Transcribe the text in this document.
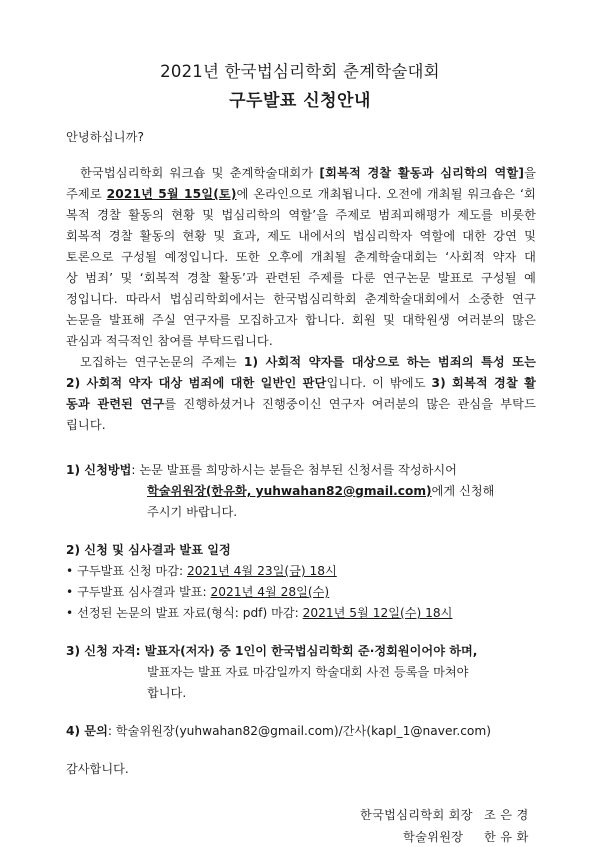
2021년 한국법심리학회 춘계학술대회
구두발표 신청안내
안녕하십니까?
한국법심리학회 워크숍 및 춘계학술대회가 [회복적 경찰 활동과 심리학의 역할]을
주제로 2021년 5월 15일(토)에 온라인으로 개최됩니다. 오전에 개최될 워크숍은 ‘회
복적 경찰 활동의 현황 및 법심리학의 역할’을 주제로 범죄피해평가 제도를 비롯한
회복적 경찰 활동의 현황 및 효과, 제도 내에서의 법심리학자 역할에 대한 강연 및
토론으로 구성될 예정입니다. 또한 오후에 개최될 춘계학술대회는 ‘사회적 약자 대
상 범죄’ 및 ‘회복적 경찰 활동’과 관련된 주제를 다룬 연구논문 발표로 구성될 예
정입니다. 따라서 법심리학회에서는 한국법심리학회 춘계학술대회에서 소중한 연구
논문을 발표해 주실 연구자를 모집하고자 합니다. 회원 및 대학원생 여러분의 많은
관심과 적극적인 참여를 부탁드립니다.
모집하는 연구논문의 주제는 1) 사회적 약자를 대상으로 하는 범죄의 특성 또는
2) 사회적 약자 대상 범죄에 대한 일반인 판단입니다. 이 밖에도 3) 회복적 경찰 활
동과 관련된 연구를 진행하셨거나 진행중이신 연구자 여러분의 많은 관심을 부탁드
립니다.
1) 신청방법: 논문 발표를 희망하시는 분들은 첨부된 신청서를 작성하시어
학술위원장(한유화, yuhwahan82@gmail.com)에게 신청해
주시기 바랍니다.
2) 신청 및 심사결과 발표 일정
• 구두발표 신청 마감: 2021년 4월 23일(금) 18시
• 구두발표 심사결과 발표: 2021년 4월 28일(수)
• 선정된 논문의 발표 자료(형식: pdf) 마감: 2021년 5월 12일(수) 18시
3) 신청 자격: 발표자(저자) 중 1인이 한국법심리학회 준·정회원이어야 하며,
발표자는 발표 자료 마감일까지 학술대회 사전 등록을 마쳐야
합니다.
4) 문의: 학술위원장(yuhwahan82@gmail.com)/간사(kapl_1@naver.com)
감사합니다.
한국법심리학회 회장 조 은 경
학술위원장 한 유 화
